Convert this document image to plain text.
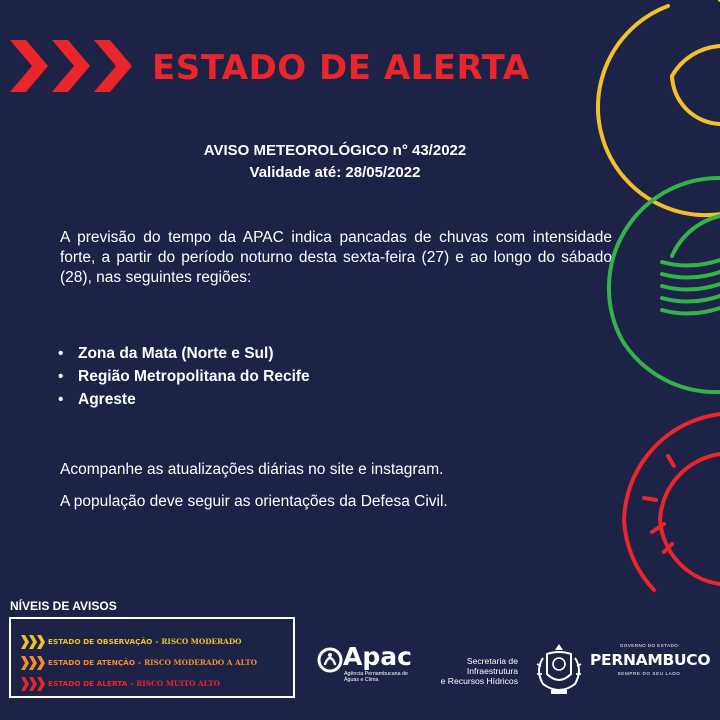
ESTADO DE ALERTA
AVISO METEOROLÓGICO n° 43/2022
Validade até: 28/05/2022
A previsão do tempo da APAC indica pancadas de chuvas com intensidade forte, a partir do período noturno desta sexta-feira (27) e ao longo do sábado (28), nas seguintes regiões:
• Zona da Mata (Norte e Sul)
• Região Metropolitana do Recife
• Agreste
Acompanhe as atualizações diárias no site e instagram.
A população deve seguir as orientações da Defesa Civil.
NÍVEIS DE AVISOS
ESTADO DE OBSERVAÇÃO - RISCO MODERADO
ESTADO DE ATENÇÃO - RISCO MODERADO A ALTO
ESTADO DE ALERTA - RISCO MUITO ALTO
Apac
Agência Pernambucana de Águas e Clima
Secretaria de
Infraestrutura
e Recursos Hídricos
GOVERNO DO ESTADO
PERNAMBUCO
SEMPRE DO SEU LADO
